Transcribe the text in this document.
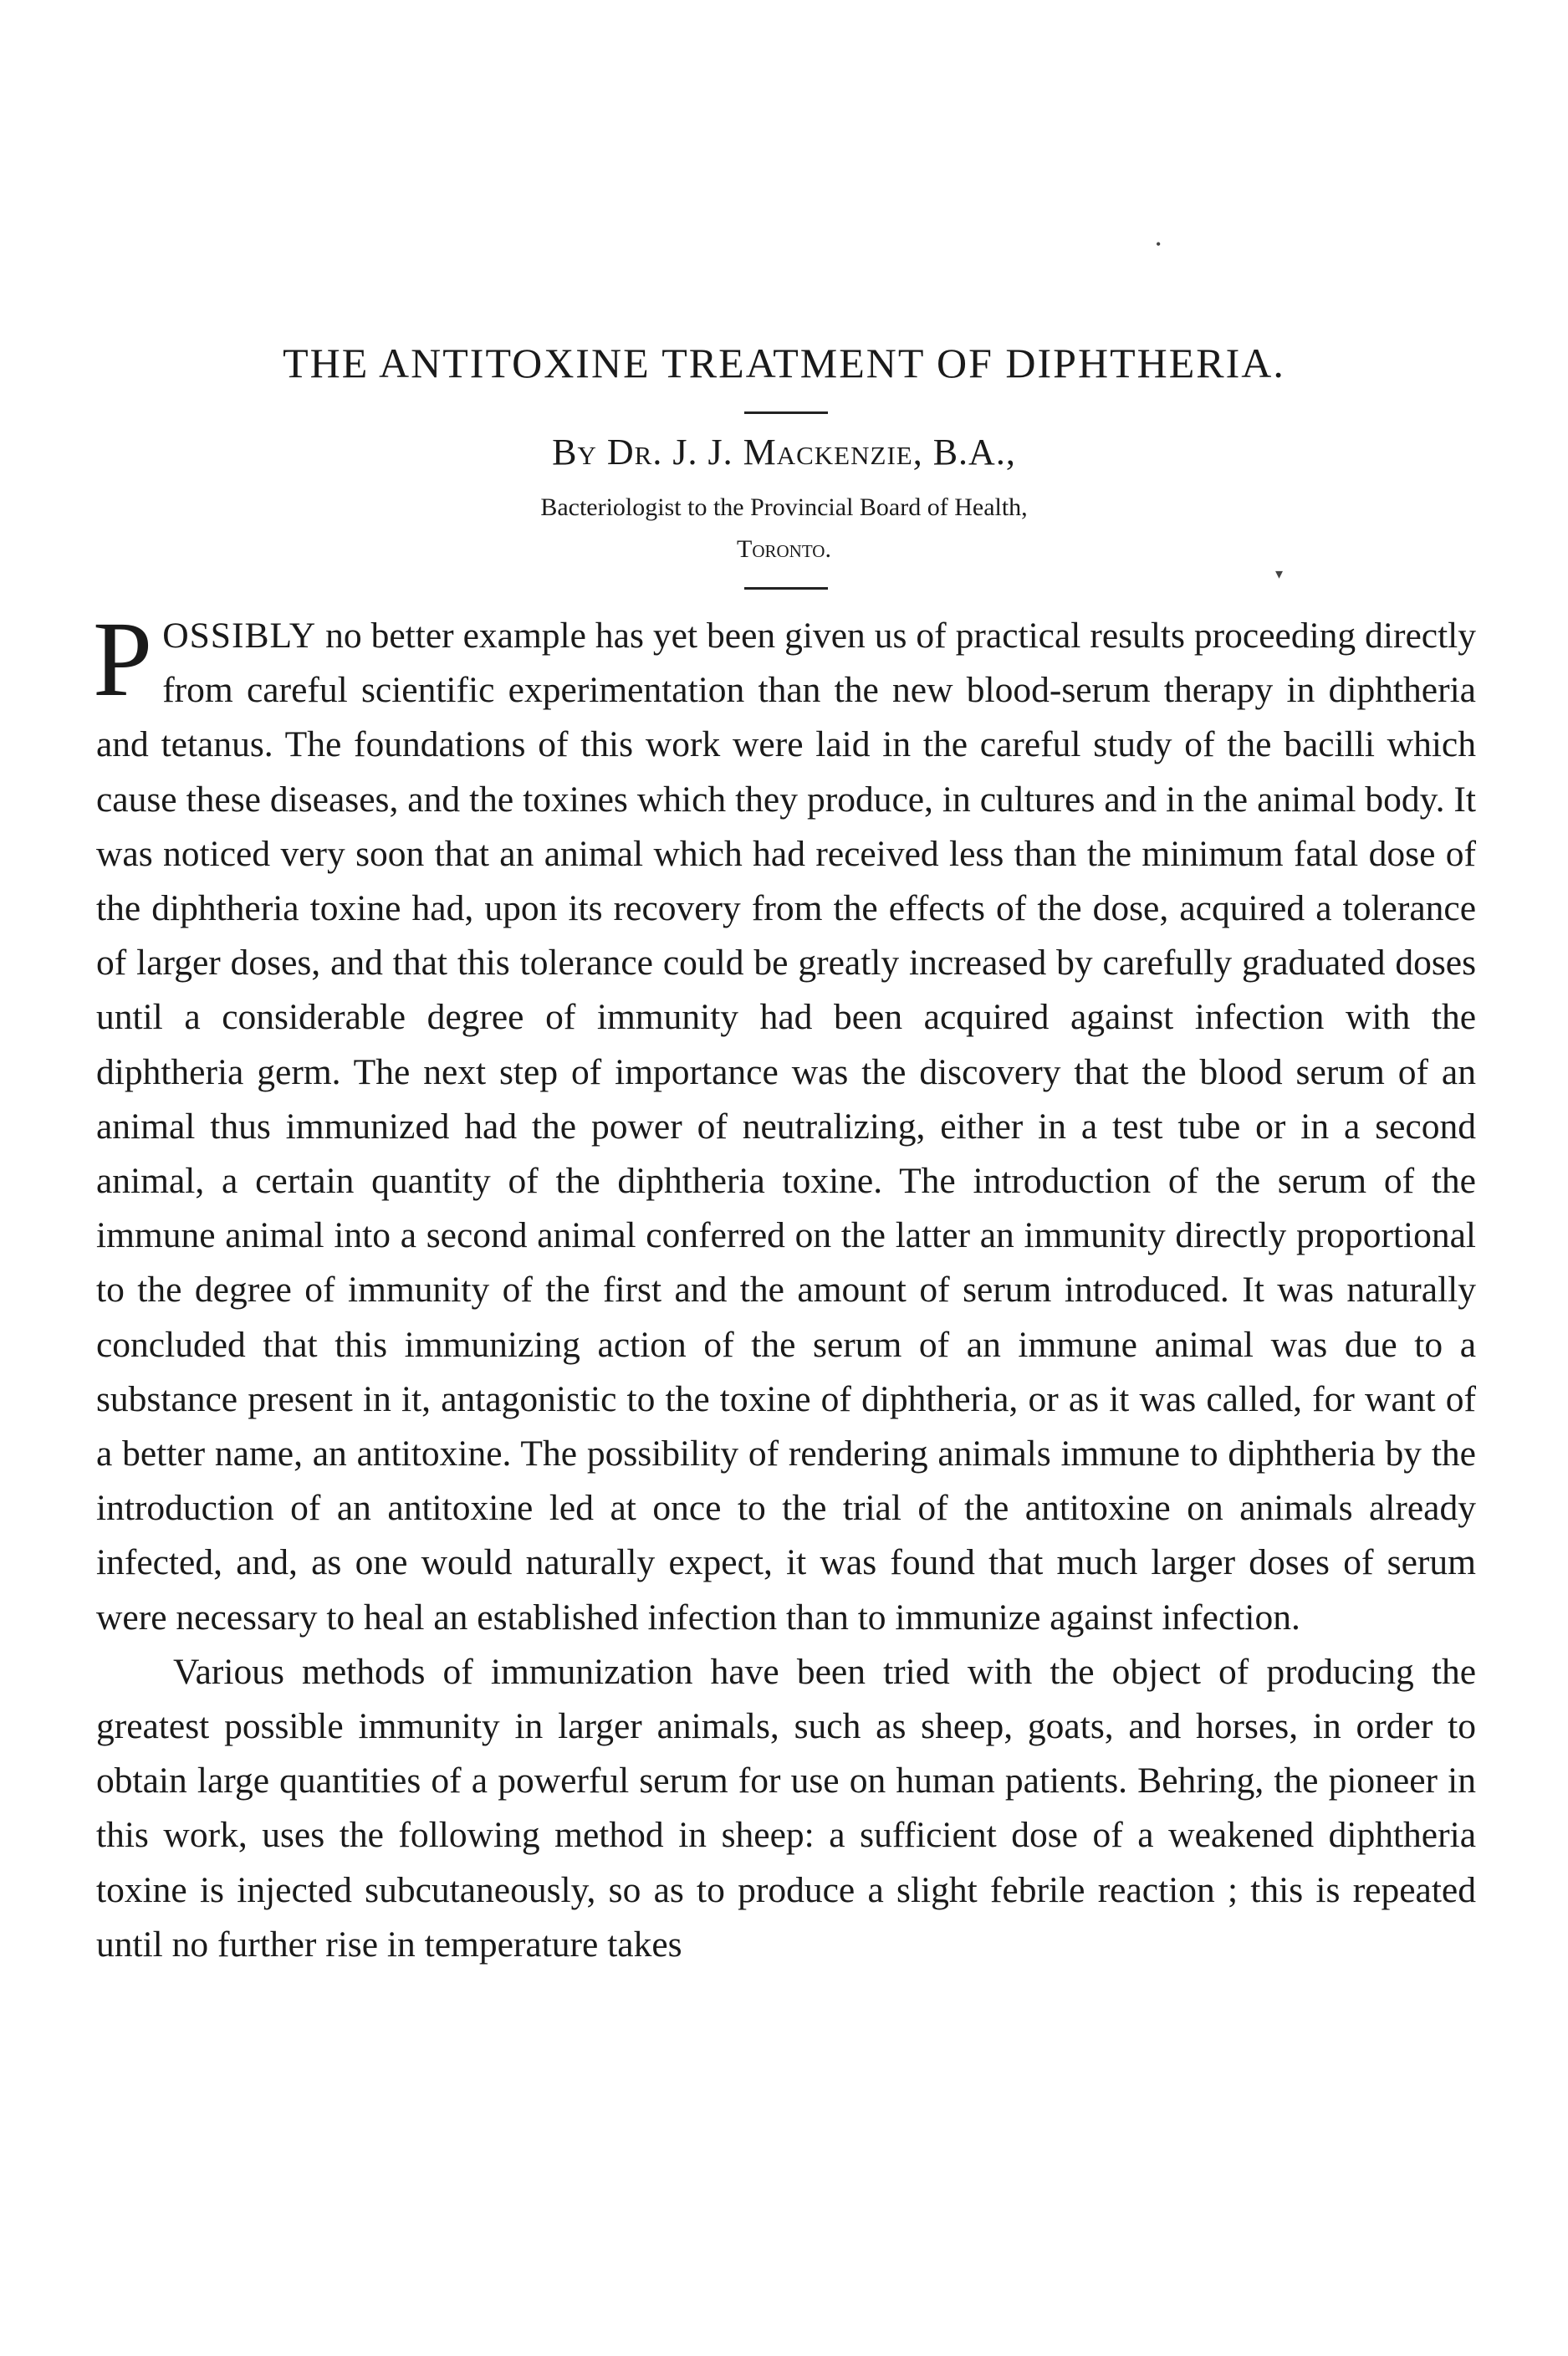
•
THE ANTITOXINE TREATMENT OF DIPHTHERIA.
By Dr. J. J. Mackenzie, B.A.,
Bacteriologist to the Provincial Board of Health,
Toronto.
▾

POSSIBLY no better example has yet been given us of practical results proceeding directly from careful scientific experimentation than the new blood-serum therapy in diphtheria and tetanus. The foundations of this work were laid in the careful study of the bacilli which cause these diseases, and the toxines which they produce, in cultures and in the animal body. It was noticed very soon that an animal which had received less than the minimum fatal dose of the diphtheria toxine had, upon its recovery from the effects of the dose, acquired a tolerance of larger doses, and that this tolerance could be greatly increased by carefully graduated doses until a considerable degree of immunity had been acquired against infection with the diphtheria germ. The next step of importance was the discovery that the blood serum of an animal thus immunized had the power of neutralizing, either in a test tube or in a second animal, a certain quantity of the diphtheria toxine. The introduction of the serum of the immune animal into a second animal conferred on the latter an immunity directly proportional to the degree of immunity of the first and the amount of serum introduced. It was naturally concluded that this immunizing action of the serum of an immune animal was due to a substance present in it, antagonistic to the toxine of diphtheria, or as it was called, for want of a better name, an antitoxine. The possibility of rendering animals immune to diphtheria by the introduction of an antitoxine led at once to the trial of the antitoxine on animals already infected, and, as one would naturally expect, it was found that much larger doses of serum were necessary to heal an established infection than to immunize against infection.

Various methods of immunization have been tried with the object of producing the greatest possible immunity in larger animals, such as sheep, goats, and horses, in order to obtain large quantities of a powerful serum for use on human patients. Behring, the pioneer in this work, uses the following method in sheep: a sufficient dose of a weakened diphtheria toxine is injected subcutaneously, so as to produce a slight febrile reaction ; this is repeated until no further rise in temperature takes
